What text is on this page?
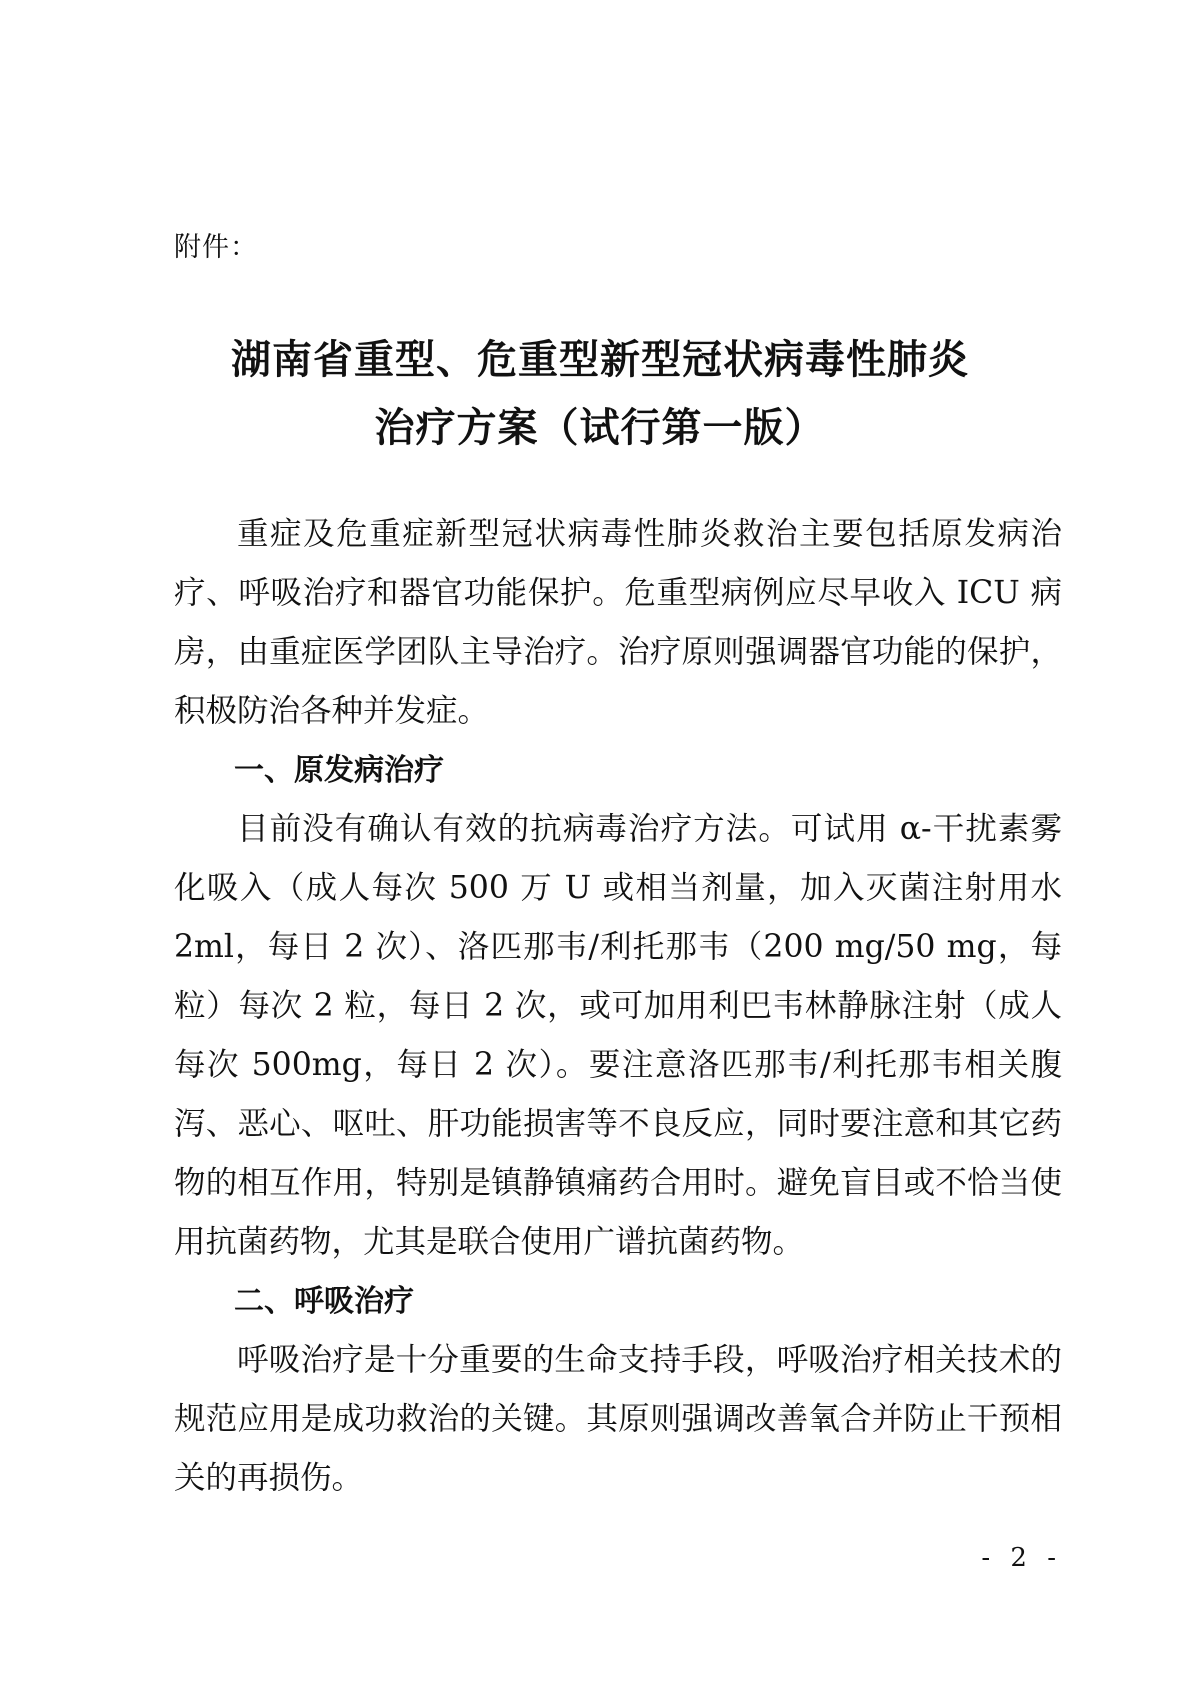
附件：
湖南省重型、危重型新型冠状病毒性肺炎
治疗方案（试行第一版）

重症及危重症新型冠状病毒性肺炎救治主要包括原发病治疗、呼吸治疗和器官功能保护。危重型病例应尽早收入 ICU 病房，由重症医学团队主导治疗。治疗原则强调器官功能的保护，积极防治各种并发症。

一、原发病治疗

目前没有确认有效的抗病毒治疗方法。可试用 α-干扰素雾化吸入（成人每次 500 万 U 或相当剂量，加入灭菌注射用水 2ml，每日 2 次）、洛匹那韦/利托那韦（200 mg/50 mg，每粒）每次 2 粒，每日 2 次，或可加用利巴韦林静脉注射（成人每次 500mg，每日 2 次）。要注意洛匹那韦/利托那韦相关腹泻、恶心、呕吐、肝功能损害等不良反应，同时要注意和其它药物的相互作用，特别是镇静镇痛药合用时。避免盲目或不恰当使用抗菌药物，尤其是联合使用广谱抗菌药物。

二、呼吸治疗

呼吸治疗是十分重要的生命支持手段，呼吸治疗相关技术的规范应用是成功救治的关键。其原则强调改善氧合并防止干预相关的再损伤。

- 2 -
